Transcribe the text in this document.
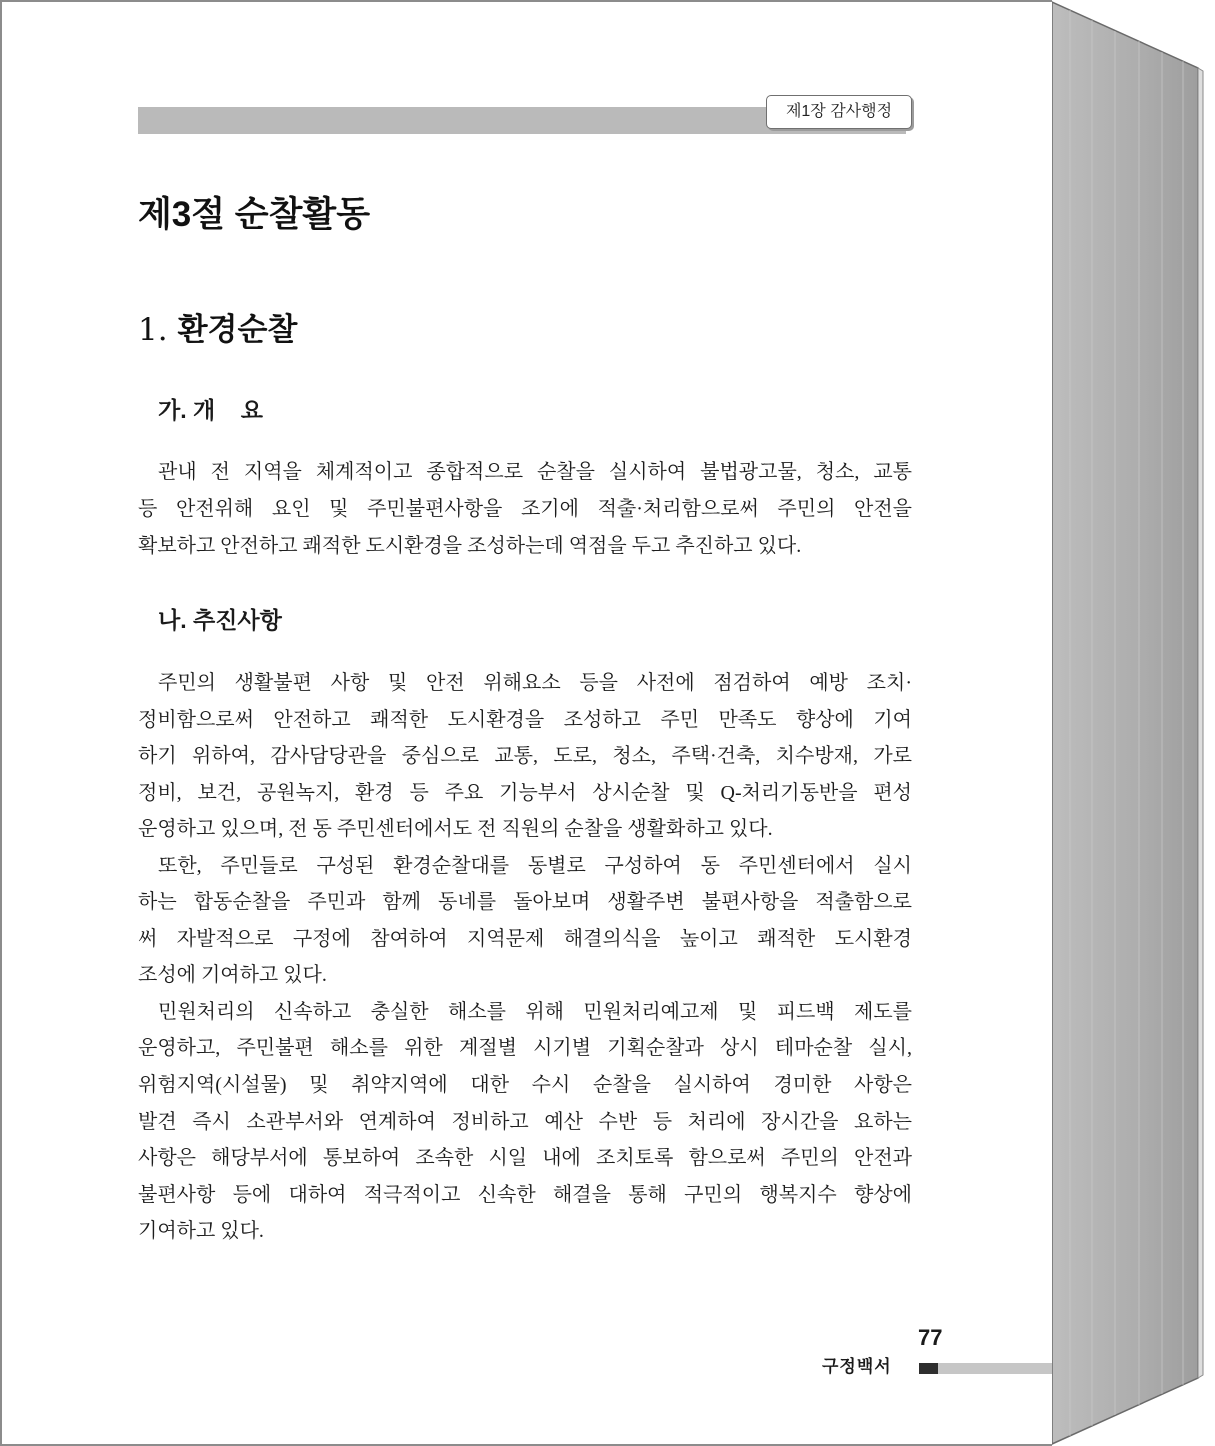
제1장 감사행정
제3절 순찰활동
1. 환경순찰
가. 개    요
관내 전 지역을 체계적이고 종합적으로 순찰을 실시하여 불법광고물, 청소, 교통
등 안전위해 요인 및 주민불편사항을 조기에 적출·처리함으로써 주민의 안전을
확보하고 안전하고 쾌적한 도시환경을 조성하는데 역점을 두고 추진하고 있다.
나. 추진사항
주민의 생활불편 사항 및 안전 위해요소 등을 사전에 점검하여 예방 조치·
정비함으로써 안전하고 쾌적한 도시환경을 조성하고 주민 만족도 향상에 기여
하기 위하여, 감사담당관을 중심으로 교통, 도로, 청소, 주택·건축, 치수방재, 가로
정비, 보건, 공원녹지, 환경 등 주요 기능부서 상시순찰 및 Q-처리기동반을 편성
운영하고 있으며, 전 동 주민센터에서도 전 직원의 순찰을 생활화하고 있다.
또한, 주민들로 구성된 환경순찰대를 동별로 구성하여 동 주민센터에서 실시
하는 합동순찰을 주민과 함께 동네를 돌아보며 생활주변 불편사항을 적출함으로
써 자발적으로 구정에 참여하여 지역문제 해결의식을 높이고 쾌적한 도시환경
조성에 기여하고 있다.
민원처리의 신속하고 충실한 해소를 위해 민원처리예고제 및 피드백 제도를
운영하고, 주민불편 해소를 위한 계절별 시기별 기획순찰과 상시 테마순찰 실시,
위험지역(시설물) 및 취약지역에 대한 수시 순찰을 실시하여 경미한 사항은
발견 즉시 소관부서와 연계하여 정비하고 예산 수반 등 처리에 장시간을 요하는
사항은 해당부서에 통보하여 조속한 시일 내에 조치토록 함으로써 주민의 안전과
불편사항 등에 대하여 적극적이고 신속한 해결을 통해 구민의 행복지수 향상에
기여하고 있다.
77
구정백서
